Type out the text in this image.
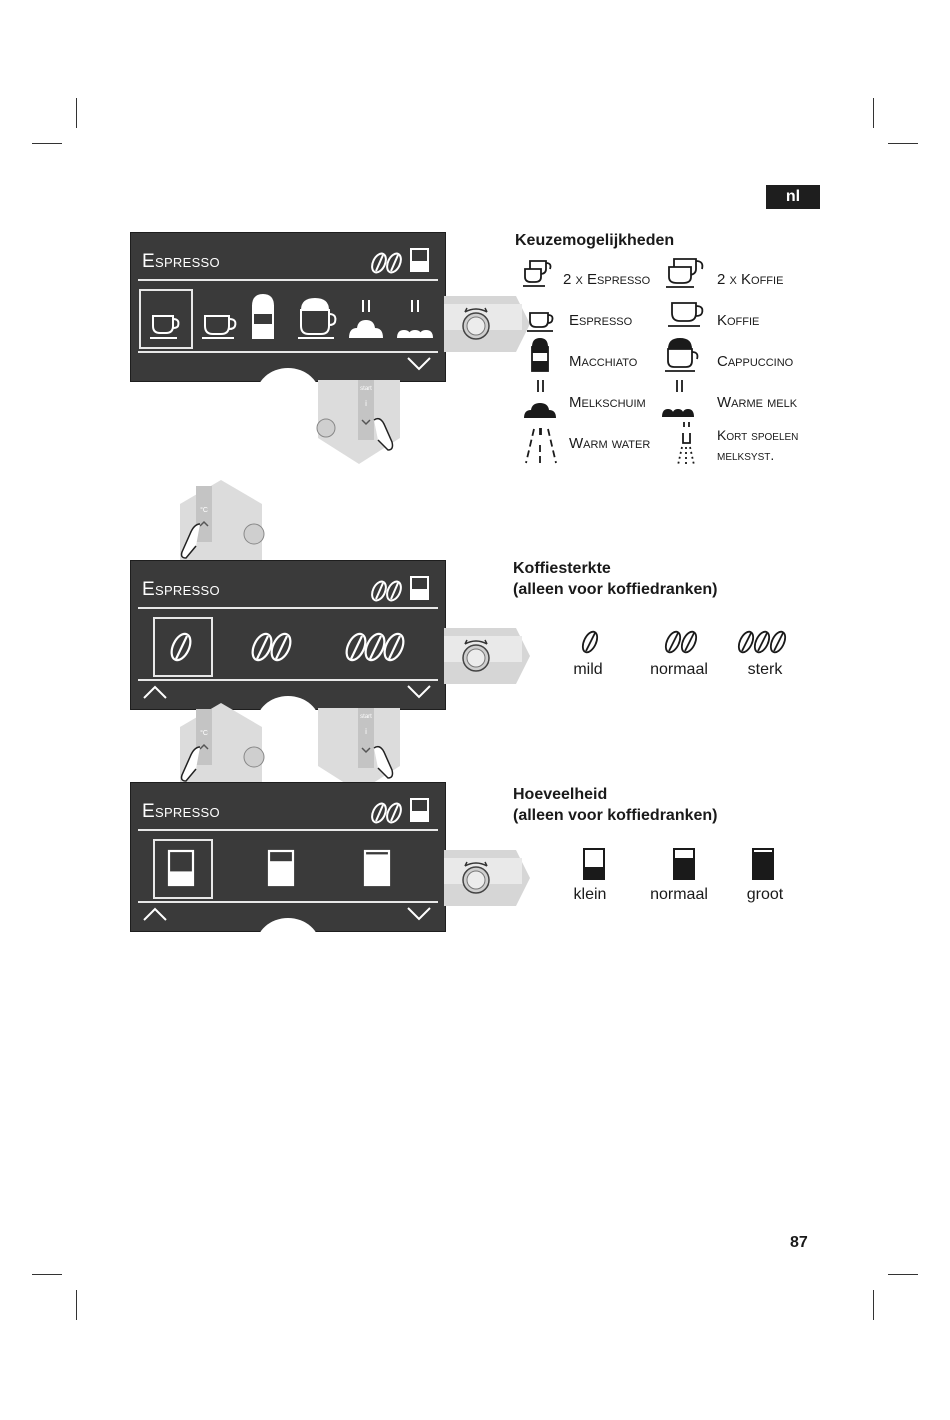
nl
87
Espresso
start
i
Keuzemogelijkheden
2 x Espresso	2 x Koffie
Espresso	Koffie
Macchiato	Cappuccino
Melkschuim	Warme melk
Warm water	Kort spoelen
melksyst.
°C
Espresso
Koffiesterkte
(alleen voor koffiedranken)
mild	normaal	sterk
°C
start
i
Espresso
Hoeveelheid
(alleen voor koffiedranken)
klein	normaal	groot
